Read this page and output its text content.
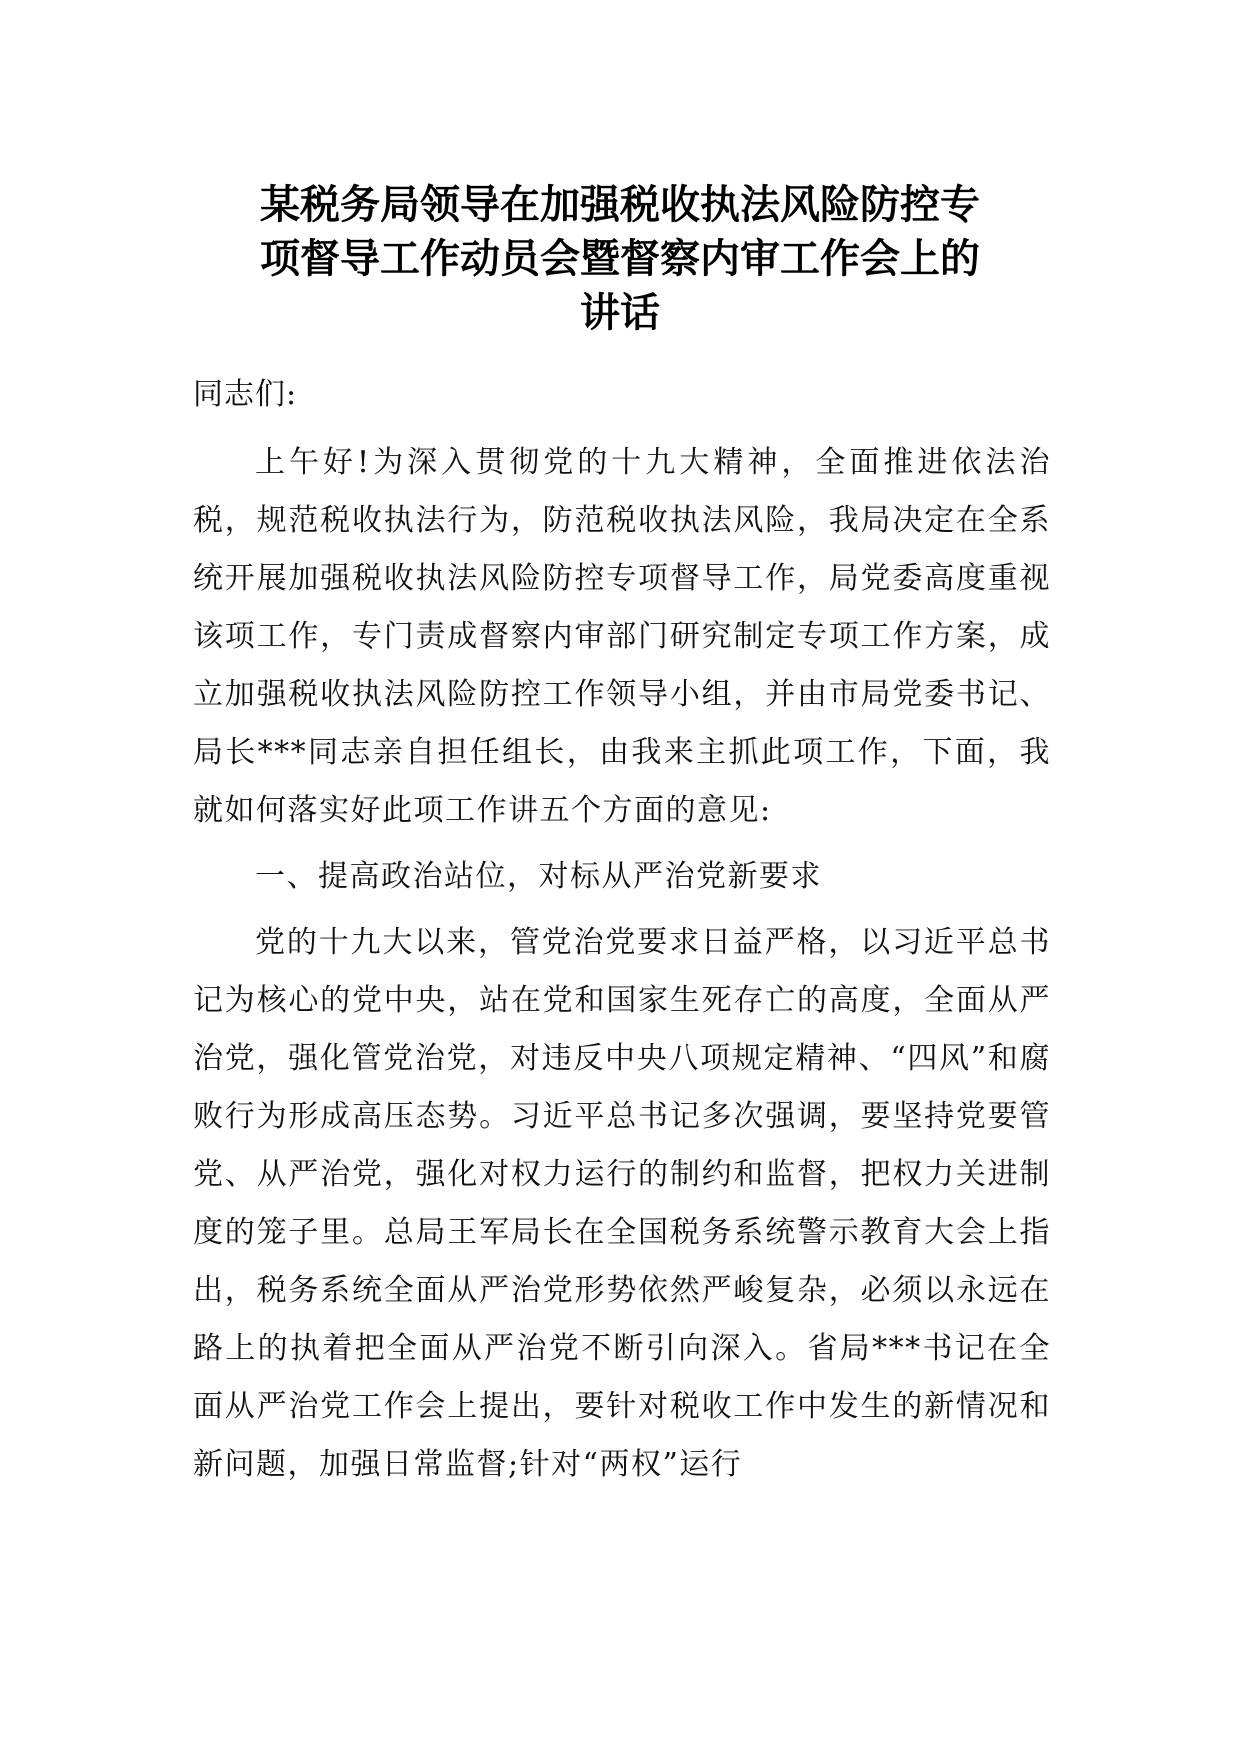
某税务局领导在加强税收执法风险防控专
项督导工作动员会暨督察内审工作会上的
讲话
同志们:
上午好!为深入贯彻党的十九大精神，全面推进依法治税，规范税收执法行为，防范税收执法风险，我局决定在全系统开展加强税收执法风险防控专项督导工作，局党委高度重视该项工作，专门责成督察内审部门研究制定专项工作方案，成立加强税收执法风险防控工作领导小组，并由市局党委书记、局长***同志亲自担任组长，由我来主抓此项工作，下面，我就如何落实好此项工作讲五个方面的意见:
一、提高政治站位，对标从严治党新要求
党的十九大以来，管党治党要求日益严格，以习近平总书记为核心的党中央，站在党和国家生死存亡的高度，全面从严治党，强化管党治党，对违反中央八项规定精神、“四风”和腐败行为形成高压态势。习近平总书记多次强调，要坚持党要管党、从严治党，强化对权力运行的制约和监督，把权力关进制度的笼子里。总局王军局长在全国税务系统警示教育大会上指出，税务系统全面从严治党形势依然严峻复杂，必须以永远在路上的执着把全面从严治党不断引向深入。省局***书记在全面从严治党工作会上提出，要针对税收工作中发生的新情况和新问题，加强日常监督;针对“两权”运行
